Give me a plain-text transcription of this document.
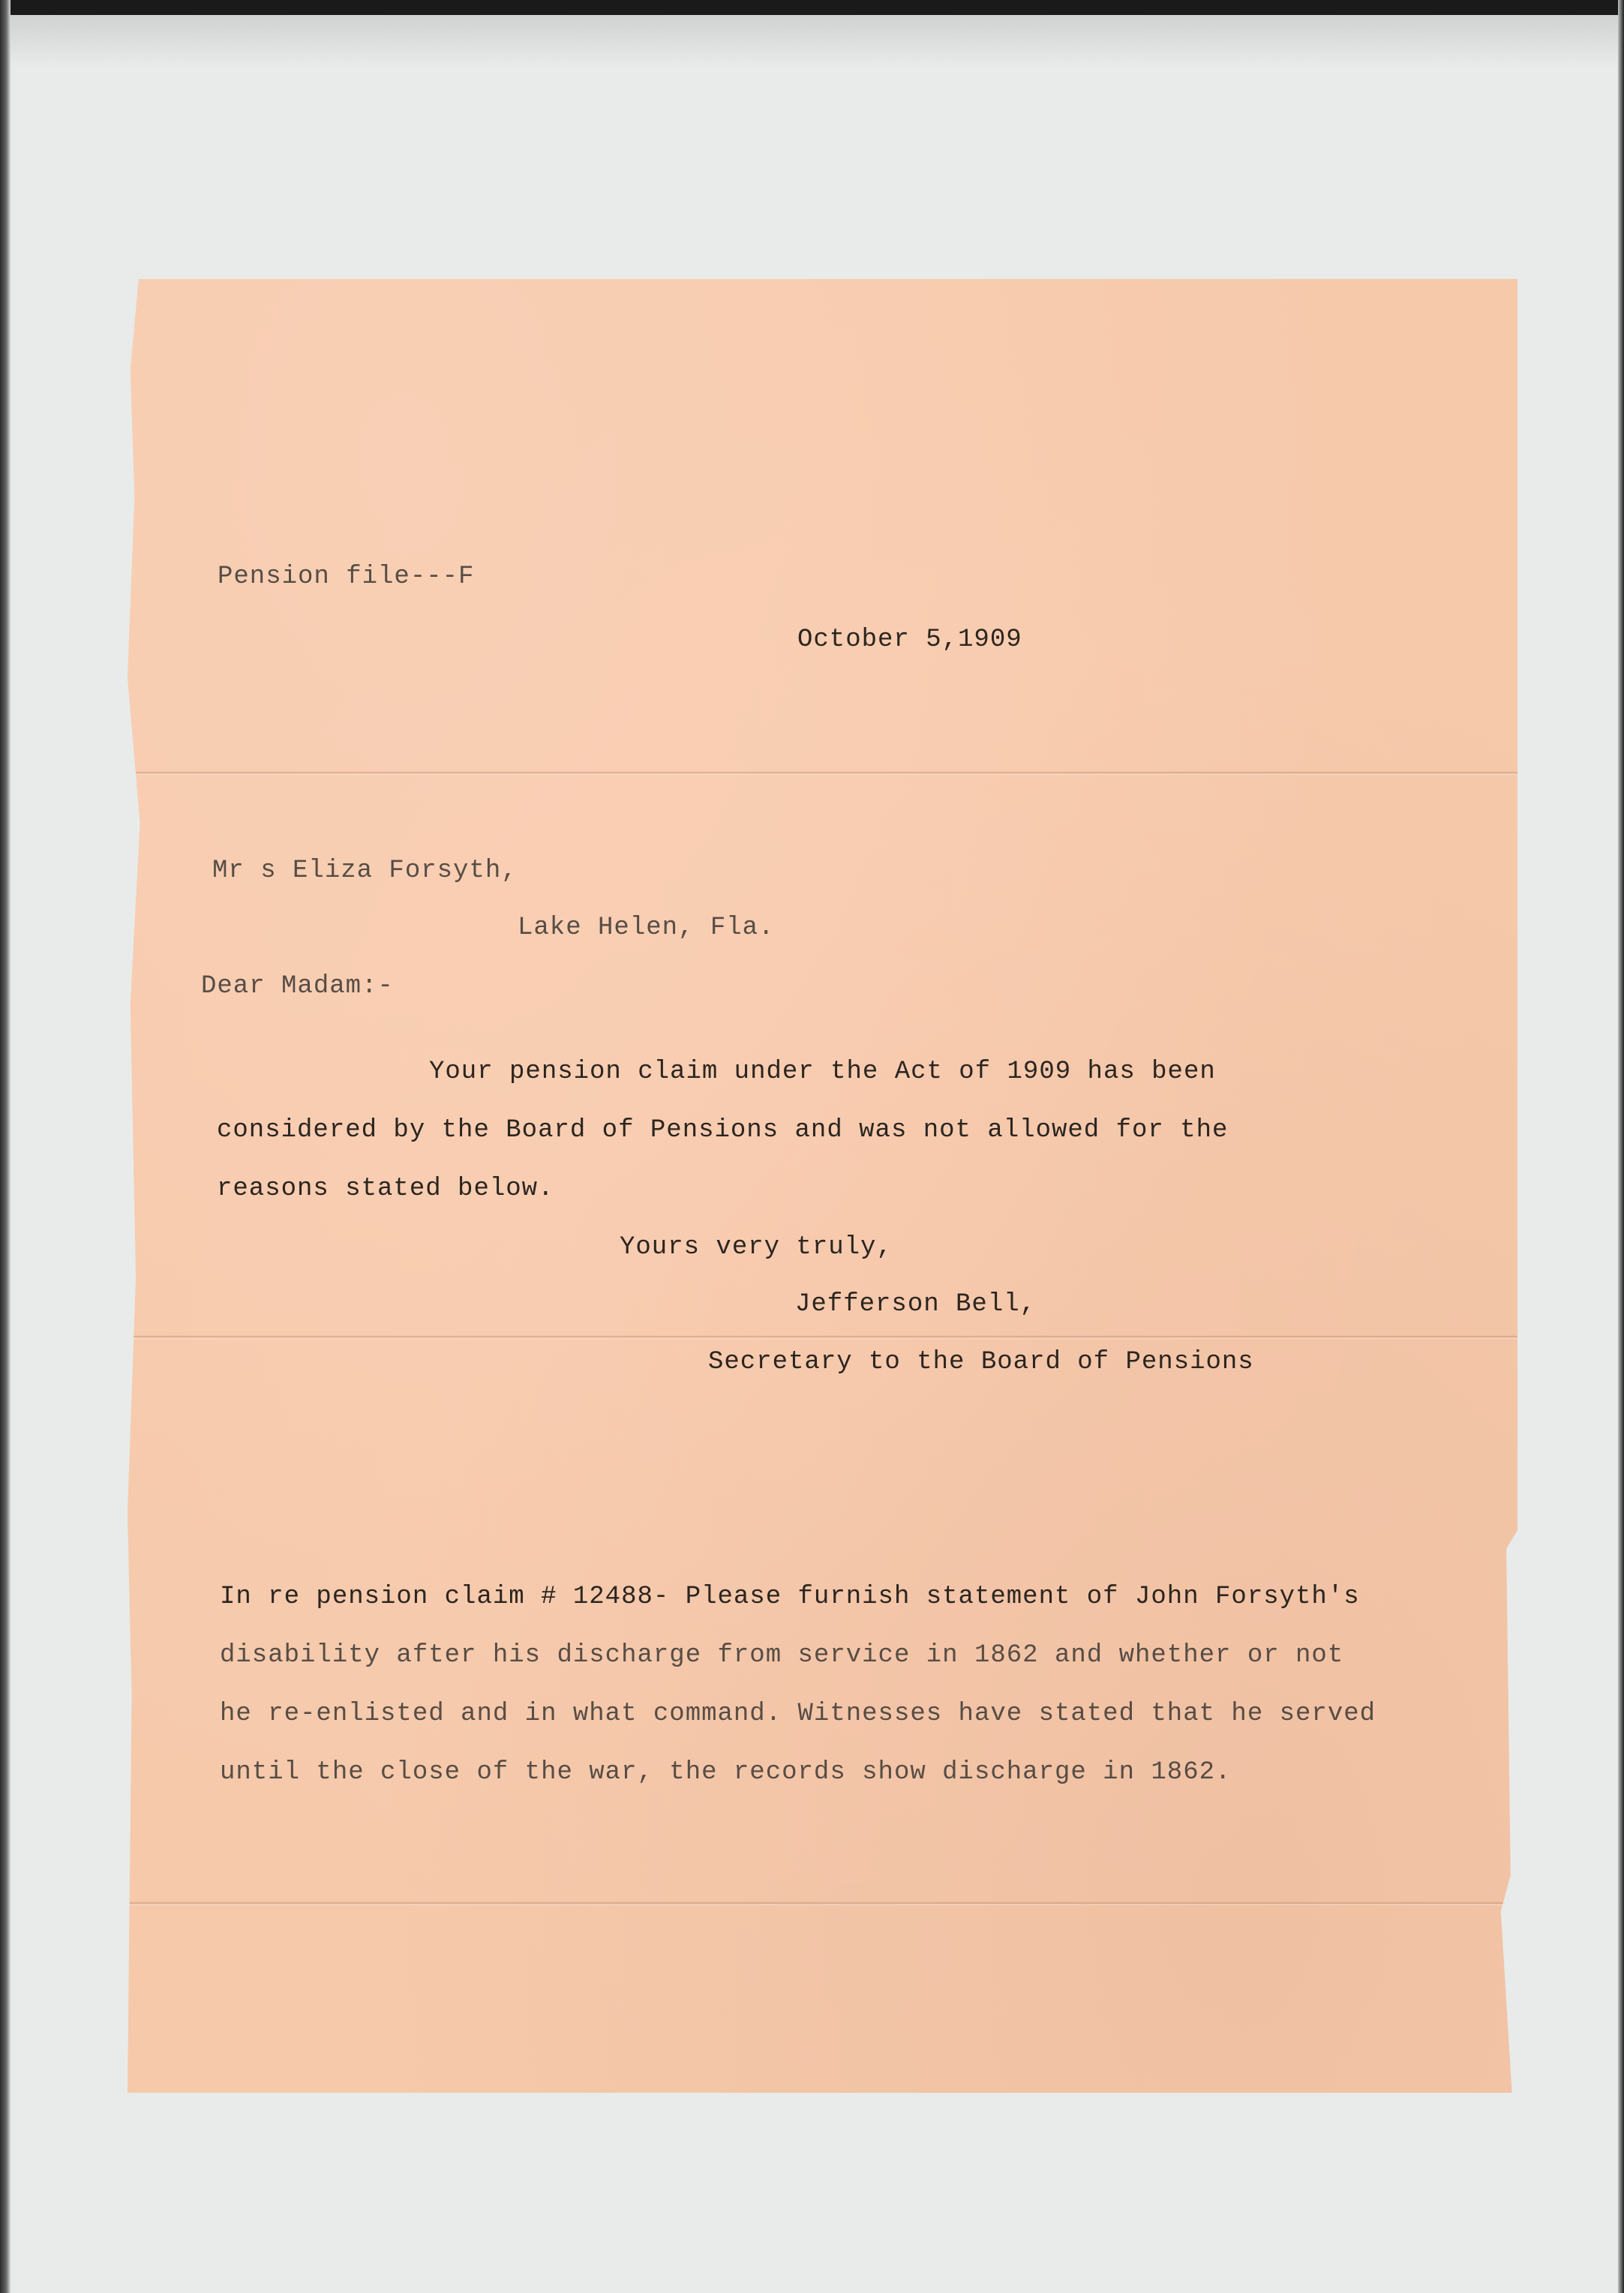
Pension file---F
October 5,1909
Mr s Eliza Forsyth,
Lake Helen, Fla.
Dear Madam:-
Your pension claim under the Act of 1909 has been
considered by the Board of Pensions and was not allowed for the
reasons stated below.
Yours very truly,
Jefferson Bell,
Secretary to the Board of Pensions
In re pension claim # 12488- Please furnish statement of John Forsyth's
disability after his discharge from service in 1862 and whether or not
he re-enlisted and in what command. Witnesses have stated that he served
until the close of the war, the records show discharge in 1862.
